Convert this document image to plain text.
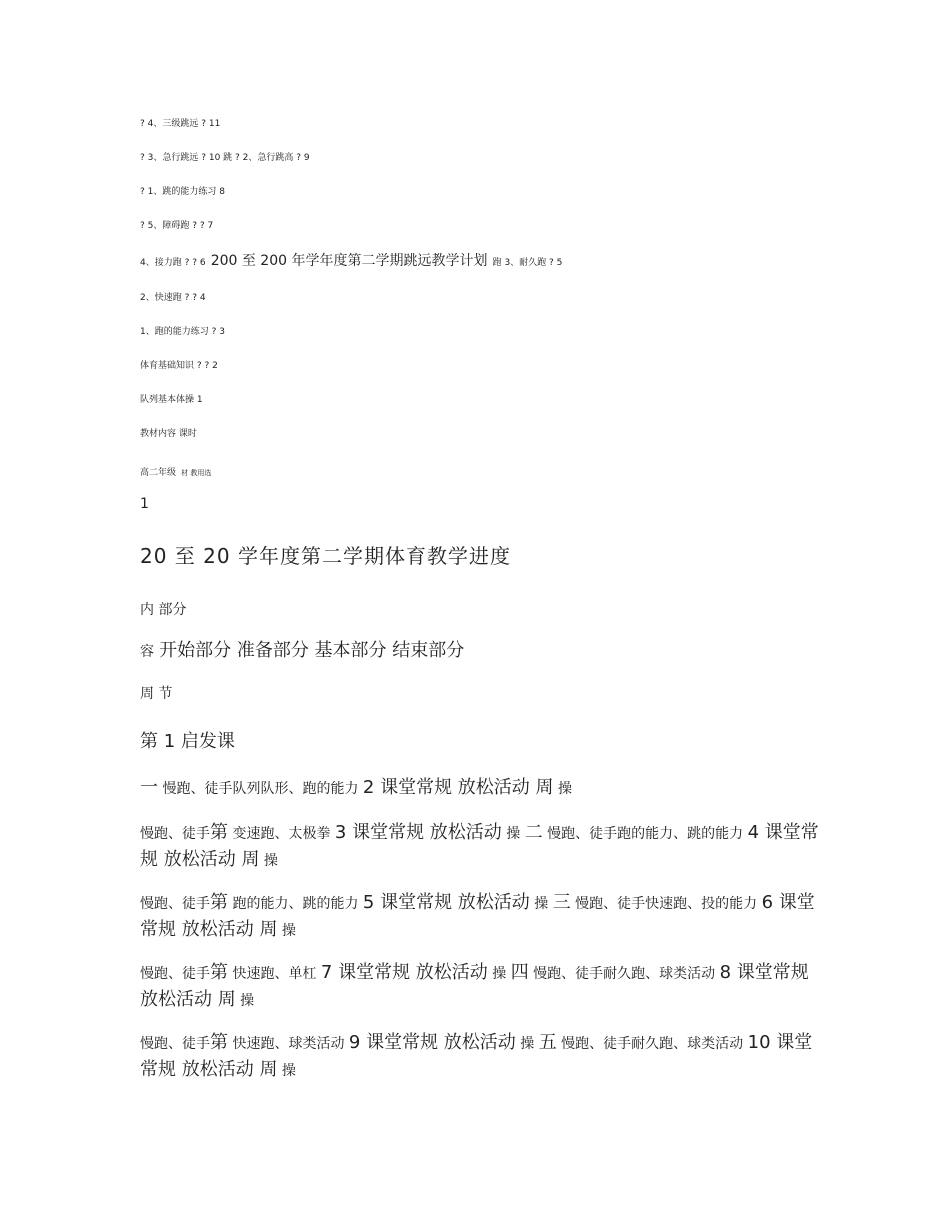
? 4、三级跳远 ? 11
? 3、急行跳远 ? 10 跳 ? 2、急行跳高 ? 9
? 1、跳的能力练习 8
? 5、障碍跑 ? ? 7
4、接力跑 ? ? 6 200 至 200 年学年度第二学期跳远教学计划 跑 3、耐久跑 ? 5
2、快速跑 ? ? 4
1、跑的能力练习 ? 3
体育基础知识 ? ? 2
队列基本体操 1
教材内容 课时
高二年级 材 教用选
1
20 至 20 学年度第二学期体育教学进度
内 部分
容 开始部分 准备部分 基本部分 结束部分
周 节
第 1 启发课
一 慢跑、徒手队列队形、跑的能力 2 课堂常规 放松活动 周 操
慢跑、徒手第 变速跑、太极拳 3 课堂常规 放松活动 操 二 慢跑、徒手跑的能力、跳的能力 4 课堂常规 放松活动 周 操
慢跑、徒手第 跑的能力、跳的能力 5 课堂常规 放松活动 操 三 慢跑、徒手快速跑、投的能力 6 课堂常规 放松活动 周 操
慢跑、徒手第 快速跑、单杠 7 课堂常规 放松活动 操 四 慢跑、徒手耐久跑、球类活动 8 课堂常规 放松活动 周 操
慢跑、徒手第 快速跑、球类活动 9 课堂常规 放松活动 操 五 慢跑、徒手耐久跑、球类活动 10 课堂常规 放松活动 周 操
